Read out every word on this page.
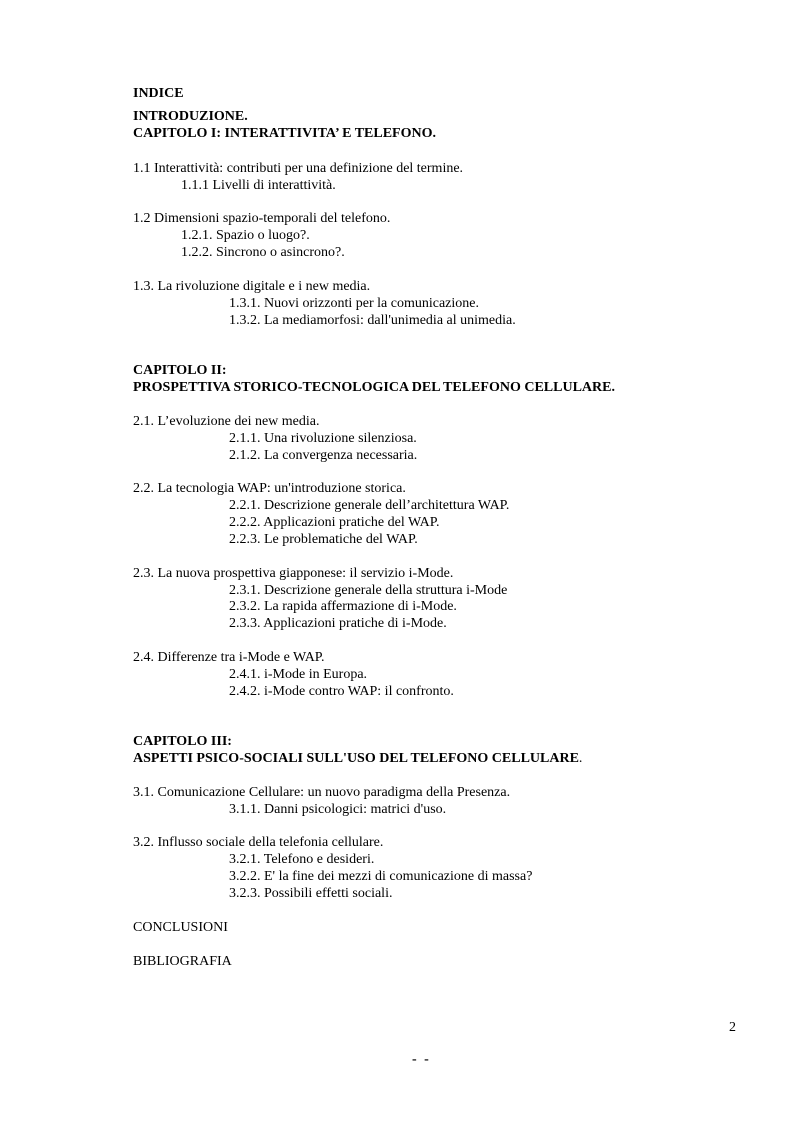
INDICE
INTRODUZIONE.
CAPITOLO I: INTERATTIVITA’ E TELEFONO.
1.1 Interattività: contributi per una definizione del termine.
1.1.1 Livelli di interattività.
1.2 Dimensioni spazio-temporali del telefono.
1.2.1. Spazio o luogo?.
1.2.2. Sincrono o asincrono?.
1.3. La rivoluzione digitale e i new media.
1.3.1. Nuovi orizzonti per la comunicazione.
1.3.2. La mediamorfosi: dall'unimedia al unimedia.
CAPITOLO II:
PROSPETTIVA STORICO-TECNOLOGICA DEL TELEFONO CELLULARE.
2.1. L’evoluzione dei new media.
2.1.1. Una rivoluzione silenziosa.
2.1.2. La convergenza necessaria.
2.2. La tecnologia WAP: un'introduzione storica.
2.2.1. Descrizione generale dell’architettura WAP.
2.2.2. Applicazioni pratiche del WAP.
2.2.3. Le problematiche del WAP.
2.3. La nuova prospettiva giapponese: il servizio i-Mode.
2.3.1. Descrizione generale della struttura i-Mode
2.3.2. La rapida affermazione di i-Mode.
2.3.3. Applicazioni pratiche di i-Mode.
2.4. Differenze tra i-Mode e WAP.
2.4.1. i-Mode in Europa.
2.4.2. i-Mode contro WAP: il confronto.
CAPITOLO III:
ASPETTI PSICO-SOCIALI SULL'USO DEL TELEFONO CELLULARE.
3.1. Comunicazione Cellulare: un nuovo paradigma della Presenza.
3.1.1. Danni psicologici: matrici d'uso.
3.2. Influsso sociale della telefonia cellulare.
3.2.1. Telefono e desideri.
3.2.2. E' la fine dei mezzi di comunicazione di massa?
3.2.3. Possibili effetti sociali.
CONCLUSIONI
BIBLIOGRAFIA
2
- -
